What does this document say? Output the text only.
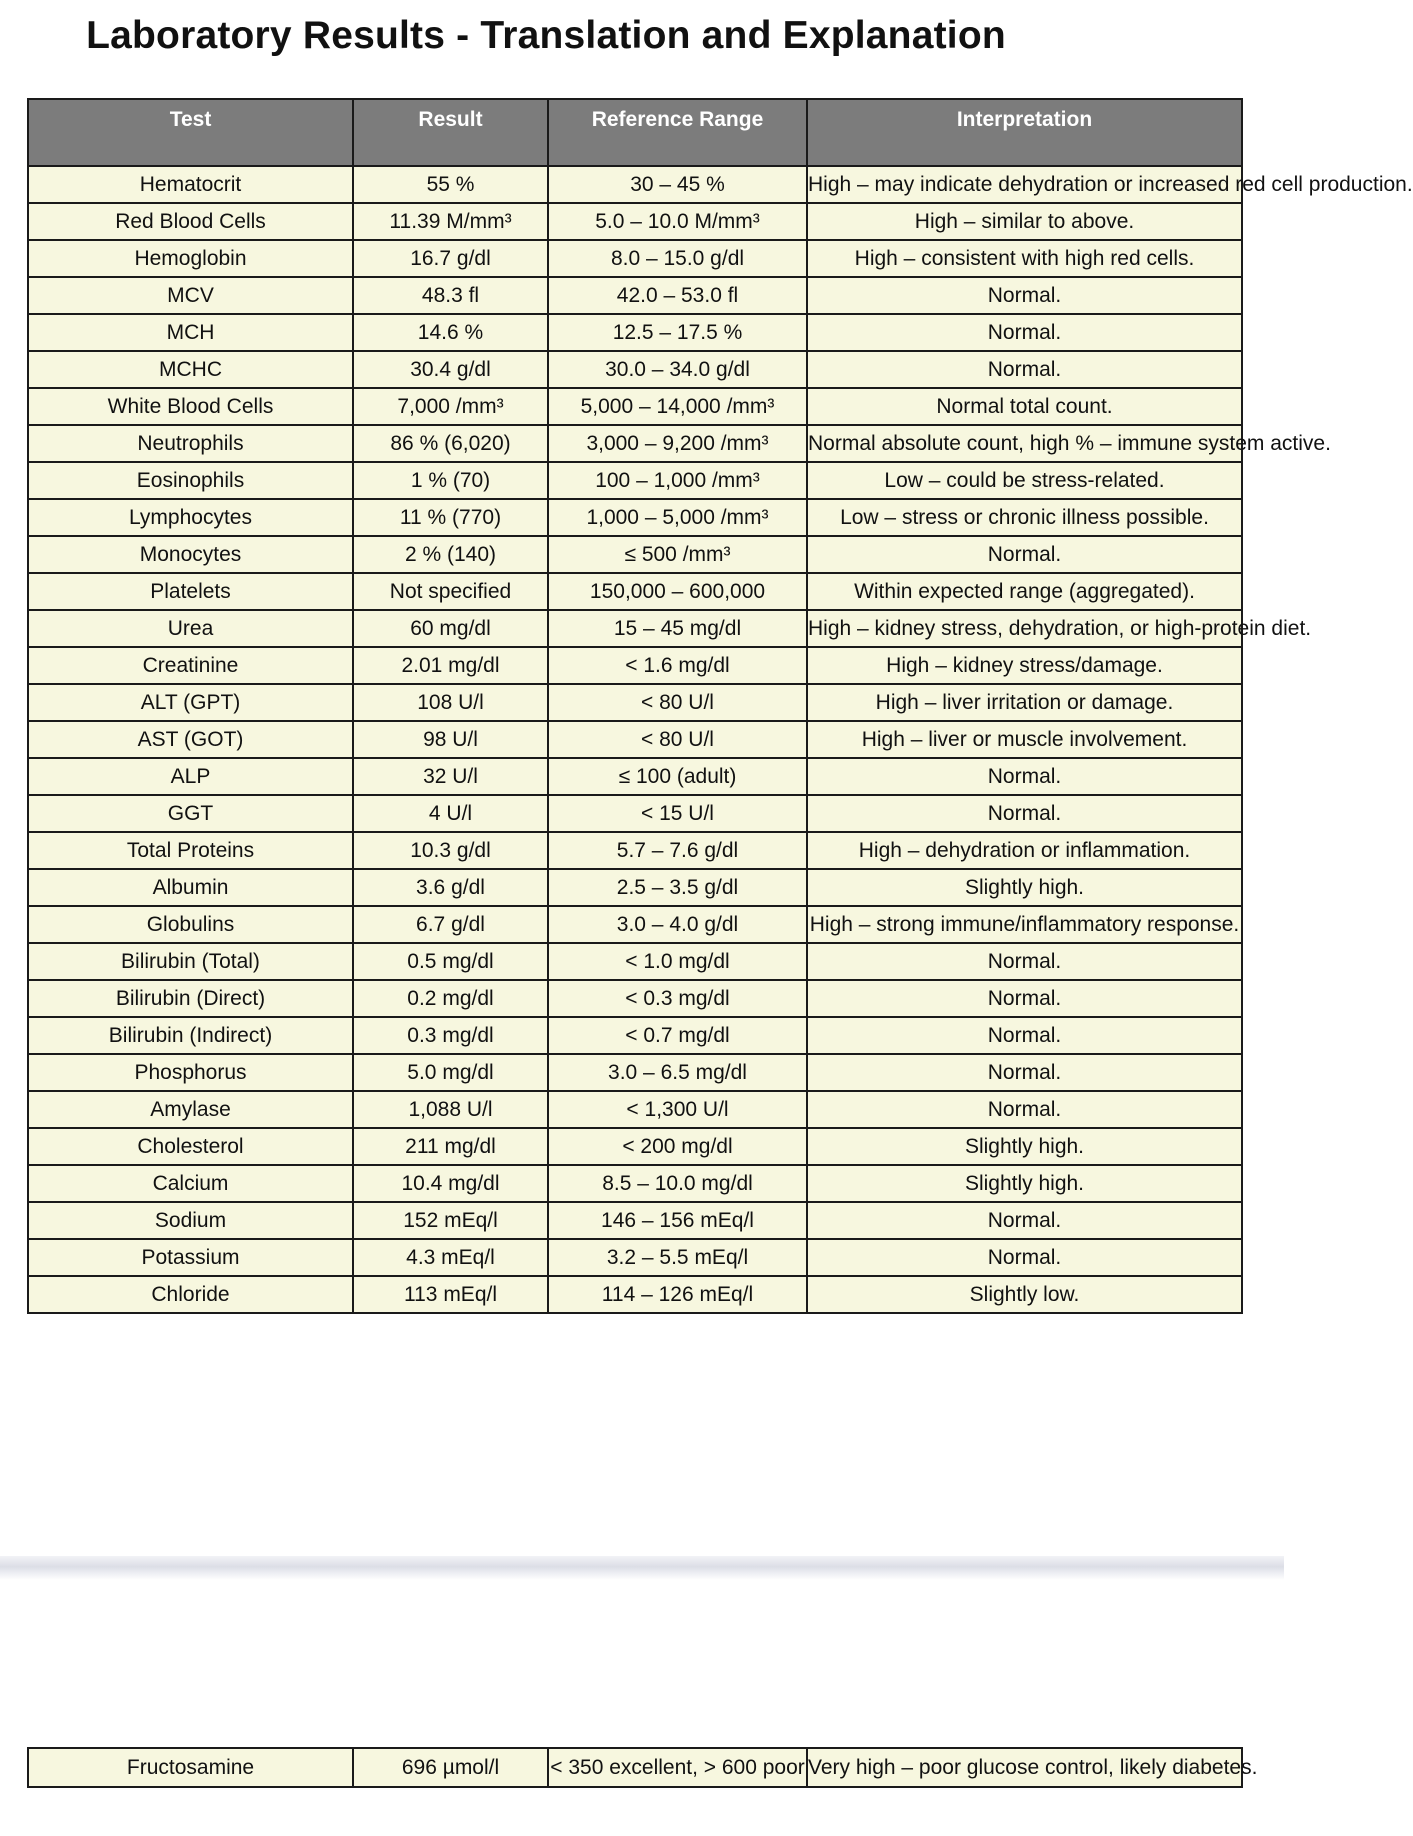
Laboratory Results - Translation and Explanation
Test	Result	Reference Range	Interpretation
Hematocrit	55 %	30 – 45 %	High – may indicate dehydration or increased red cell production.
Red Blood Cells	11.39 M/mm³	5.0 – 10.0 M/mm³	High – similar to above.
Hemoglobin	16.7 g/dl	8.0 – 15.0 g/dl	High – consistent with high red cells.
MCV	48.3 fl	42.0 – 53.0 fl	Normal.
MCH	14.6 %	12.5 – 17.5 %	Normal.
MCHC	30.4 g/dl	30.0 – 34.0 g/dl	Normal.
White Blood Cells	7,000 /mm³	5,000 – 14,000 /mm³	Normal total count.
Neutrophils	86 % (6,020)	3,000 – 9,200 /mm³	Normal absolute count, high % – immune system active.
Eosinophils	1 % (70)	100 – 1,000 /mm³	Low – could be stress-related.
Lymphocytes	11 % (770)	1,000 – 5,000 /mm³	Low – stress or chronic illness possible.
Monocytes	2 % (140)	≤ 500 /mm³	Normal.
Platelets	Not specified	150,000 – 600,000	Within expected range (aggregated).
Urea	60 mg/dl	15 – 45 mg/dl	High – kidney stress, dehydration, or high-protein diet.
Creatinine	2.01 mg/dl	< 1.6 mg/dl	High – kidney stress/damage.
ALT (GPT)	108 U/l	< 80 U/l	High – liver irritation or damage.
AST (GOT)	98 U/l	< 80 U/l	High – liver or muscle involvement.
ALP	32 U/l	≤ 100 (adult)	Normal.
GGT	4 U/l	< 15 U/l	Normal.
Total Proteins	10.3 g/dl	5.7 – 7.6 g/dl	High – dehydration or inflammation.
Albumin	3.6 g/dl	2.5 – 3.5 g/dl	Slightly high.
Globulins	6.7 g/dl	3.0 – 4.0 g/dl	High – strong immune/inflammatory response.
Bilirubin (Total)	0.5 mg/dl	< 1.0 mg/dl	Normal.
Bilirubin (Direct)	0.2 mg/dl	< 0.3 mg/dl	Normal.
Bilirubin (Indirect)	0.3 mg/dl	< 0.7 mg/dl	Normal.
Phosphorus	5.0 mg/dl	3.0 – 6.5 mg/dl	Normal.
Amylase	1,088 U/l	< 1,300 U/l	Normal.
Cholesterol	211 mg/dl	< 200 mg/dl	Slightly high.
Calcium	10.4 mg/dl	8.5 – 10.0 mg/dl	Slightly high.
Sodium	152 mEq/l	146 – 156 mEq/l	Normal.
Potassium	4.3 mEq/l	3.2 – 5.5 mEq/l	Normal.
Chloride	113 mEq/l	114 – 126 mEq/l	Slightly low.
Fructosamine	696 µmol/l	< 350 excellent, > 600 poor	Very high – poor glucose control, likely diabetes.
